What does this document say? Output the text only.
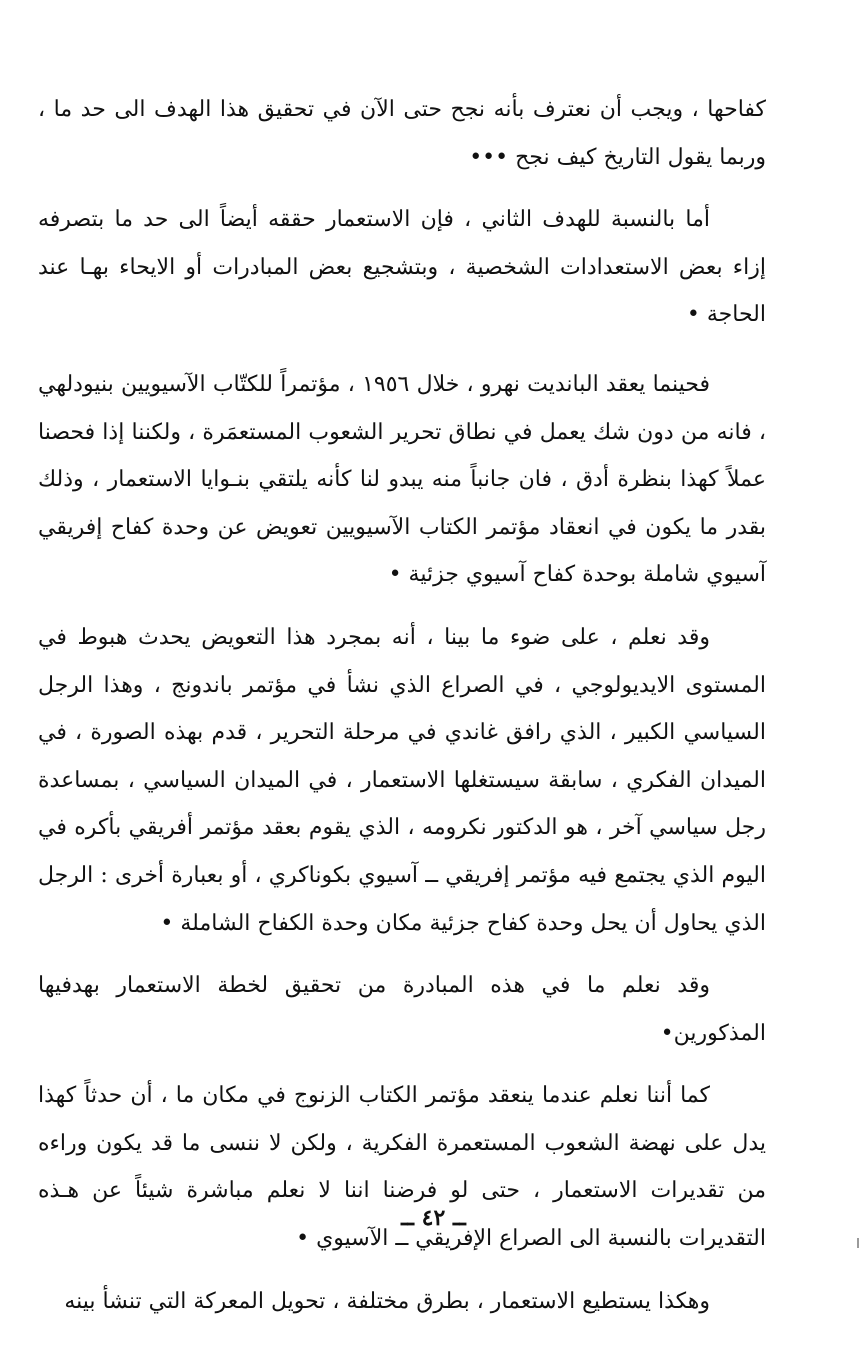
كفاحها ، ويجب أن نعترف بأنه نجح حتى الآن في تحقيق هذا الهدف الى حد ما ، وربما يقول التاريخ كيف نجح •••

أما بالنسبة للهدف الثاني ، فإن الاستعمار حققه أيضاً الى حد ما بتصرفه إزاء بعض الاستعدادات الشخصية ، وبتشجيع بعض المبادرات أو الايحاء بهـا عند الحاجة •

فحينما يعقد البانديت نهرو ، خلال ١٩٥٦ ، مؤتمراً للكتّاب الآسيويين بنيودلهي ، فانه من دون شك يعمل في نطاق تحرير الشعوب المستعمَرة ، ولكننا إذا فحصنا عملاً كهذا بنظرة أدق ، فان جانباً منه يبدو لنا كأنه يلتقي بنـوايا الاستعمار ، وذلك بقدر ما يكون في انعقاد مؤتمر الكتاب الآسيويين تعويض عن وحدة كفاح إفريقي آسيوي شاملة بوحدة كفاح آسيوي جزئية •

وقد نعلم ، على ضوء ما بينا ، أنه بمجرد هذا التعويض يحدث هبوط في المستوى الايديولوجي ، في الصراع الذي نشأ في مؤتمر باندونج ، وهذا الرجل السياسي الكبير ، الذي رافق غاندي في مرحلة التحرير ، قدم بهذه الصورة ، في الميدان الفكري ، سابقة سيستغلها الاستعمار ، في الميدان السياسي ، بمساعدة رجل سياسي آخر ، هو الدكتور نكرومه ، الذي يقوم بعقد مؤتمر أفريقي بأكره في اليوم الذي يجتمع فيه مؤتمر إفريقي ــ آسيوي بكوناكري ، أو بعبارة أخرى : الرجل الذي يحاول أن يحل وحدة كفاح جزئية مكان وحدة الكفاح الشاملة •

وقد نعلم ما في هذه المبادرة من تحقيق لخطة الاستعمار بهدفيها المذكورين•

كما أننا نعلم عندما ينعقد مؤتمر الكتاب الزنوج في مكان ما ، أن حدثاً كهذا يدل على نهضة الشعوب المستعمرة الفكرية ، ولكن لا ننسى ما قد يكون وراءه من تقديرات الاستعمار ، حتى لو فرضنا اننا لا نعلم مباشرة شيئاً عن هـذه التقديرات بالنسبة الى الصراع الإفريقي ــ الآسيوي •

وهكذا يستطيع الاستعمار ، بطرق مختلفة ، تحويل المعركة التي تنشأ بينه

ــ ٤٢ ــ
